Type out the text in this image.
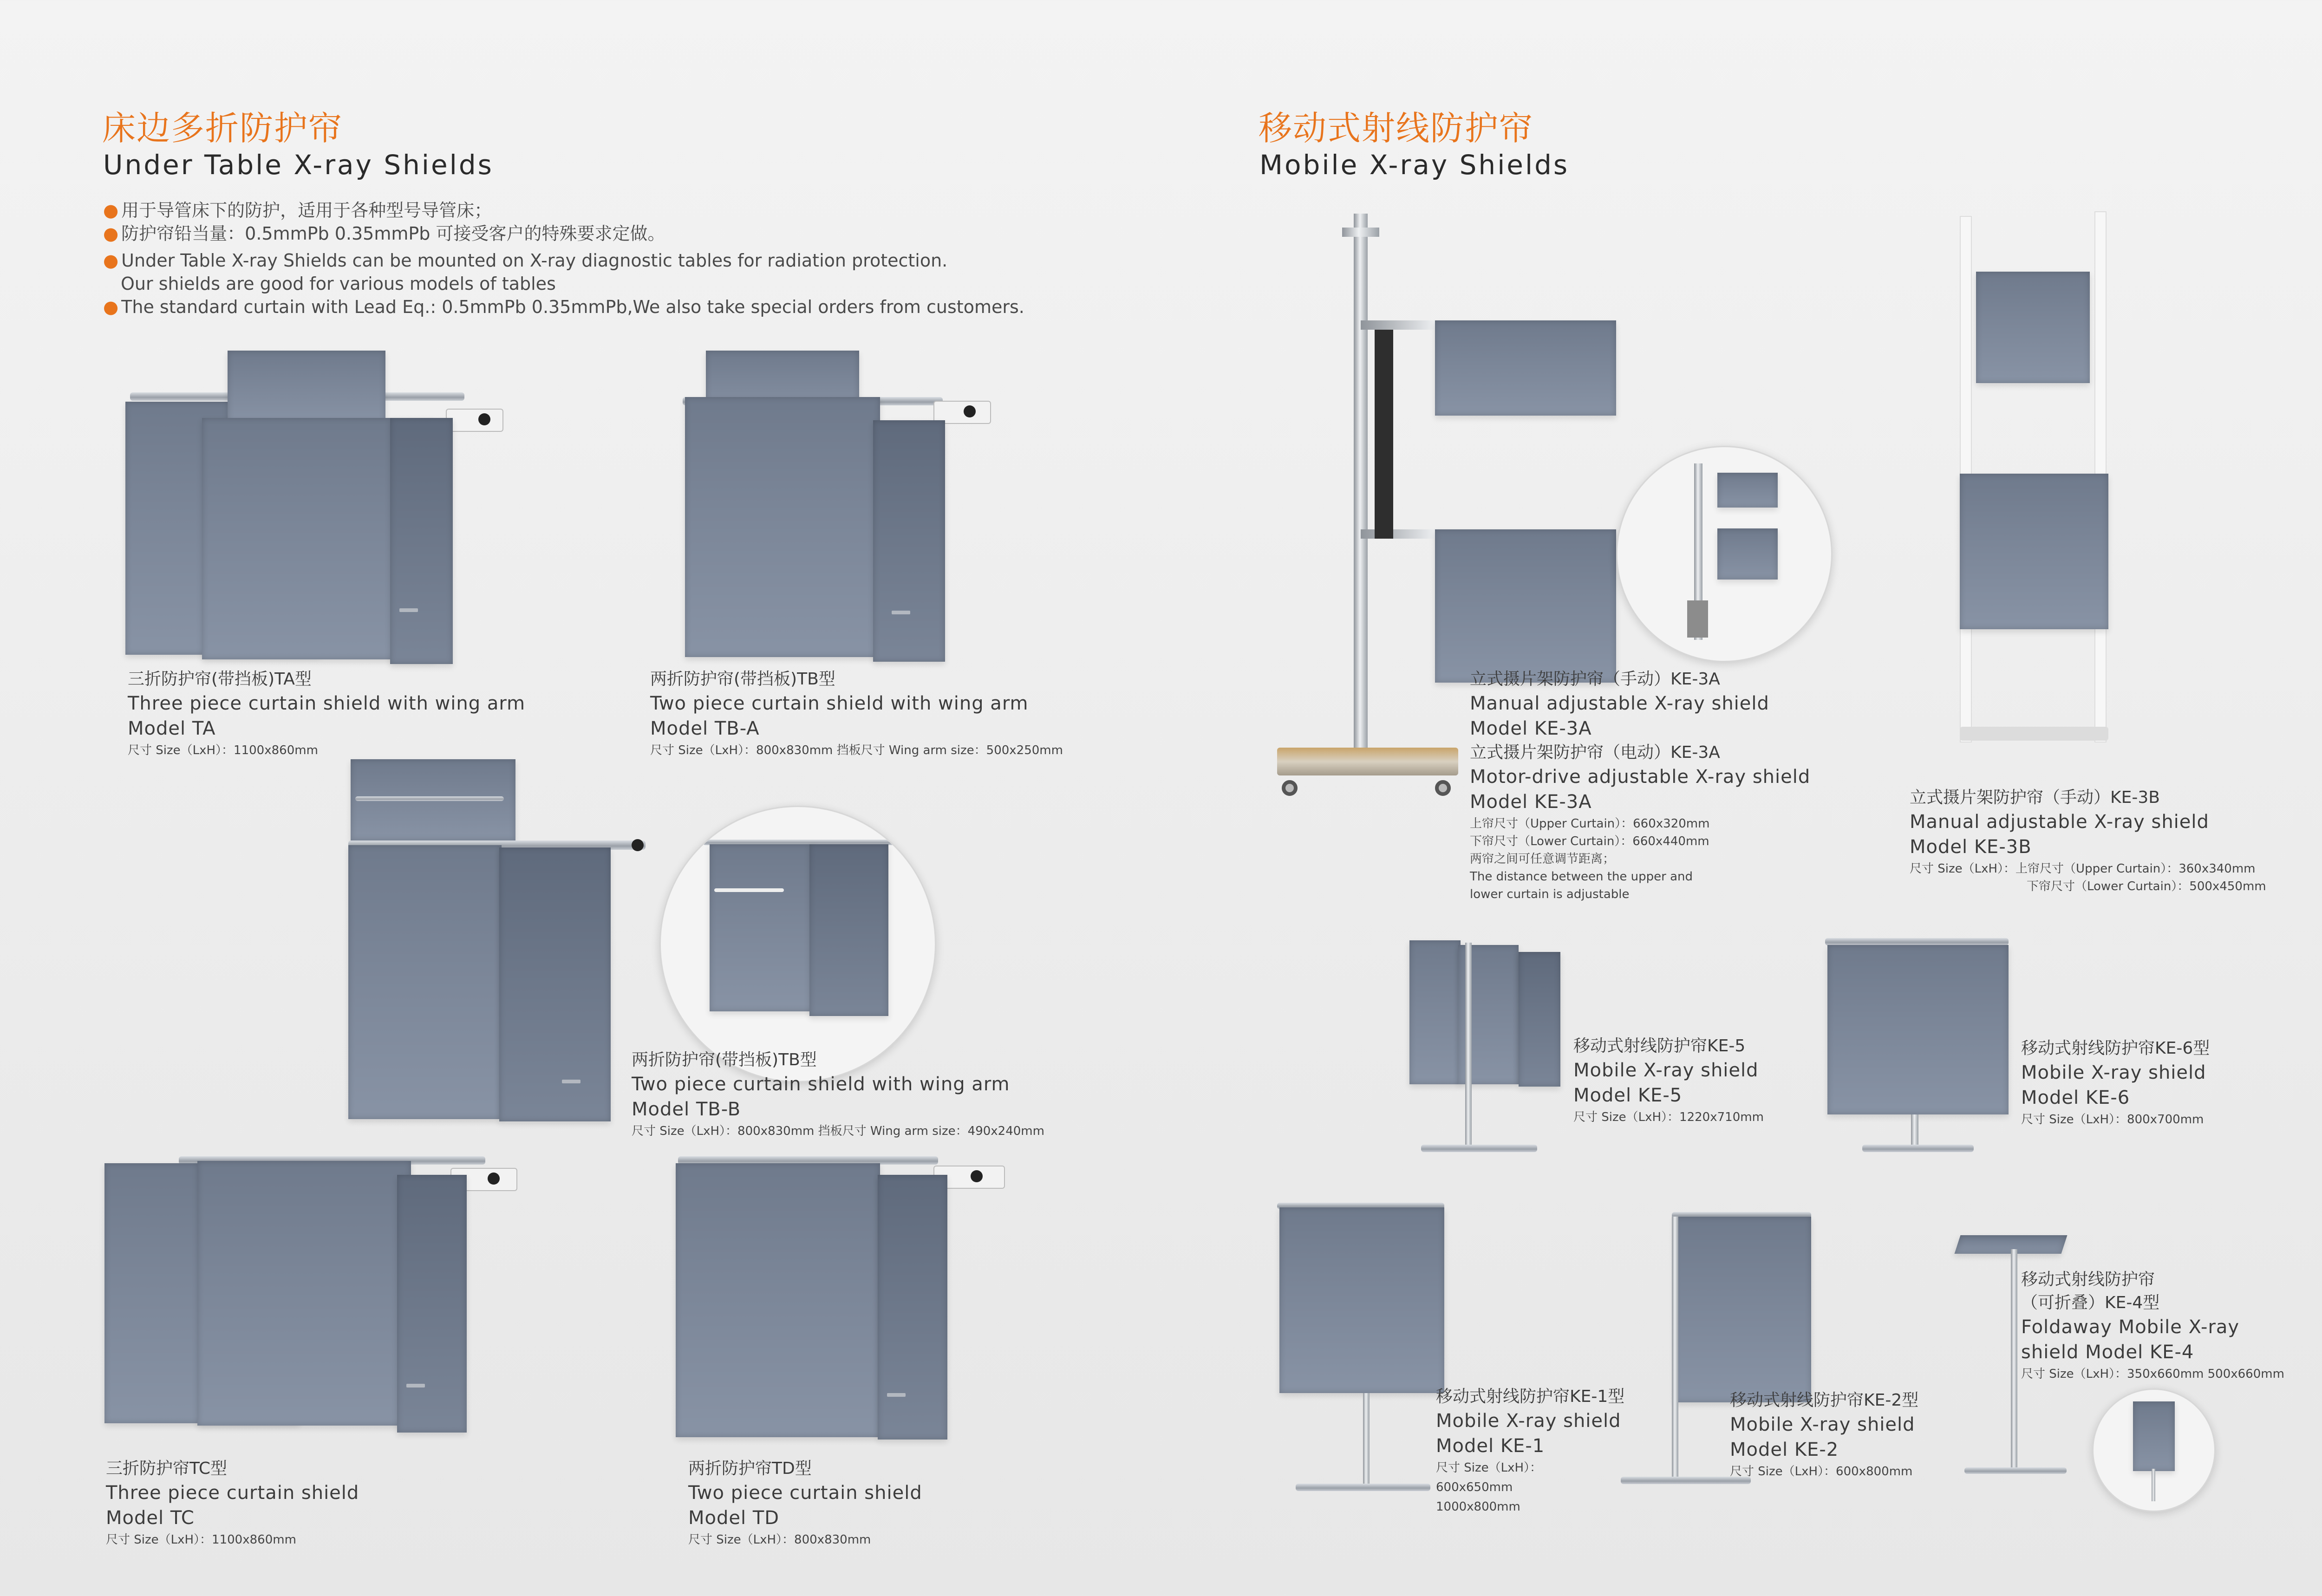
床边多折防护帘
Under Table X-ray Shields
● 用于导管床下的防护，适用于各种型号导管床；
● 防护帘铅当量：0.5mmPb 0.35mmPb 可接受客户的特殊要求定做。
● Under Table X-ray Shields can be mounted on X-ray diagnostic tables for radiation protection.
Our shields are good for various models of tables
● The standard curtain with Lead Eq.: 0.5mmPb 0.35mmPb,We also take special orders from customers.
三折防护帘(带挡板)TA型
Three piece curtain shield with wing arm
Model TA
尺寸 Size（LxH）：1100x860mm
两折防护帘(带挡板)TB型
Two piece curtain shield with wing arm
Model TB-A
尺寸 Size（LxH）：800x830mm 挡板尺寸 Wing arm size：500x250mm
两折防护帘(带挡板)TB型
Two piece curtain shield with wing arm
Model TB-B
尺寸 Size（LxH）：800x830mm 挡板尺寸 Wing arm size：490x240mm
三折防护帘TC型
Three piece curtain shield
Model TC
尺寸 Size（LxH）：1100x860mm
两折防护帘TD型
Two piece curtain shield
Model TD
尺寸 Size（LxH）：800x830mm
移动式射线防护帘
Mobile X-ray Shields
立式摄片架防护帘（手动）KE-3A
Manual adjustable X-ray shield
Model KE-3A
立式摄片架防护帘（电动）KE-3A
Motor-drive adjustable X-ray shield
Model KE-3A
上帘尺寸（Upper Curtain）：660x320mm
下帘尺寸（Lower Curtain）：660x440mm
两帘之间可任意调节距离；
The distance between the upper and
lower curtain is adjustable
立式摄片架防护帘（手动）KE-3B
Manual adjustable X-ray shield
Model KE-3B
尺寸 Size（LxH）：上帘尺寸（Upper Curtain）：360x340mm
下帘尺寸（Lower Curtain）：500x450mm
移动式射线防护帘KE-5
Mobile X-ray shield
Model KE-5
尺寸 Size（LxH）：1220x710mm
移动式射线防护帘KE-6型
Mobile X-ray shield
Model KE-6
尺寸 Size（LxH）：800x700mm
移动式射线防护帘KE-1型
Mobile X-ray shield
Model KE-1
尺寸 Size（LxH）：
600x650mm
1000x800mm
移动式射线防护帘KE-2型
Mobile X-ray shield
Model KE-2
尺寸 Size（LxH）：600x800mm
移动式射线防护帘
（可折叠）KE-4型
Foldaway Mobile X-ray
shield Model KE-4
尺寸 Size（LxH）：350x660mm 500x660mm
